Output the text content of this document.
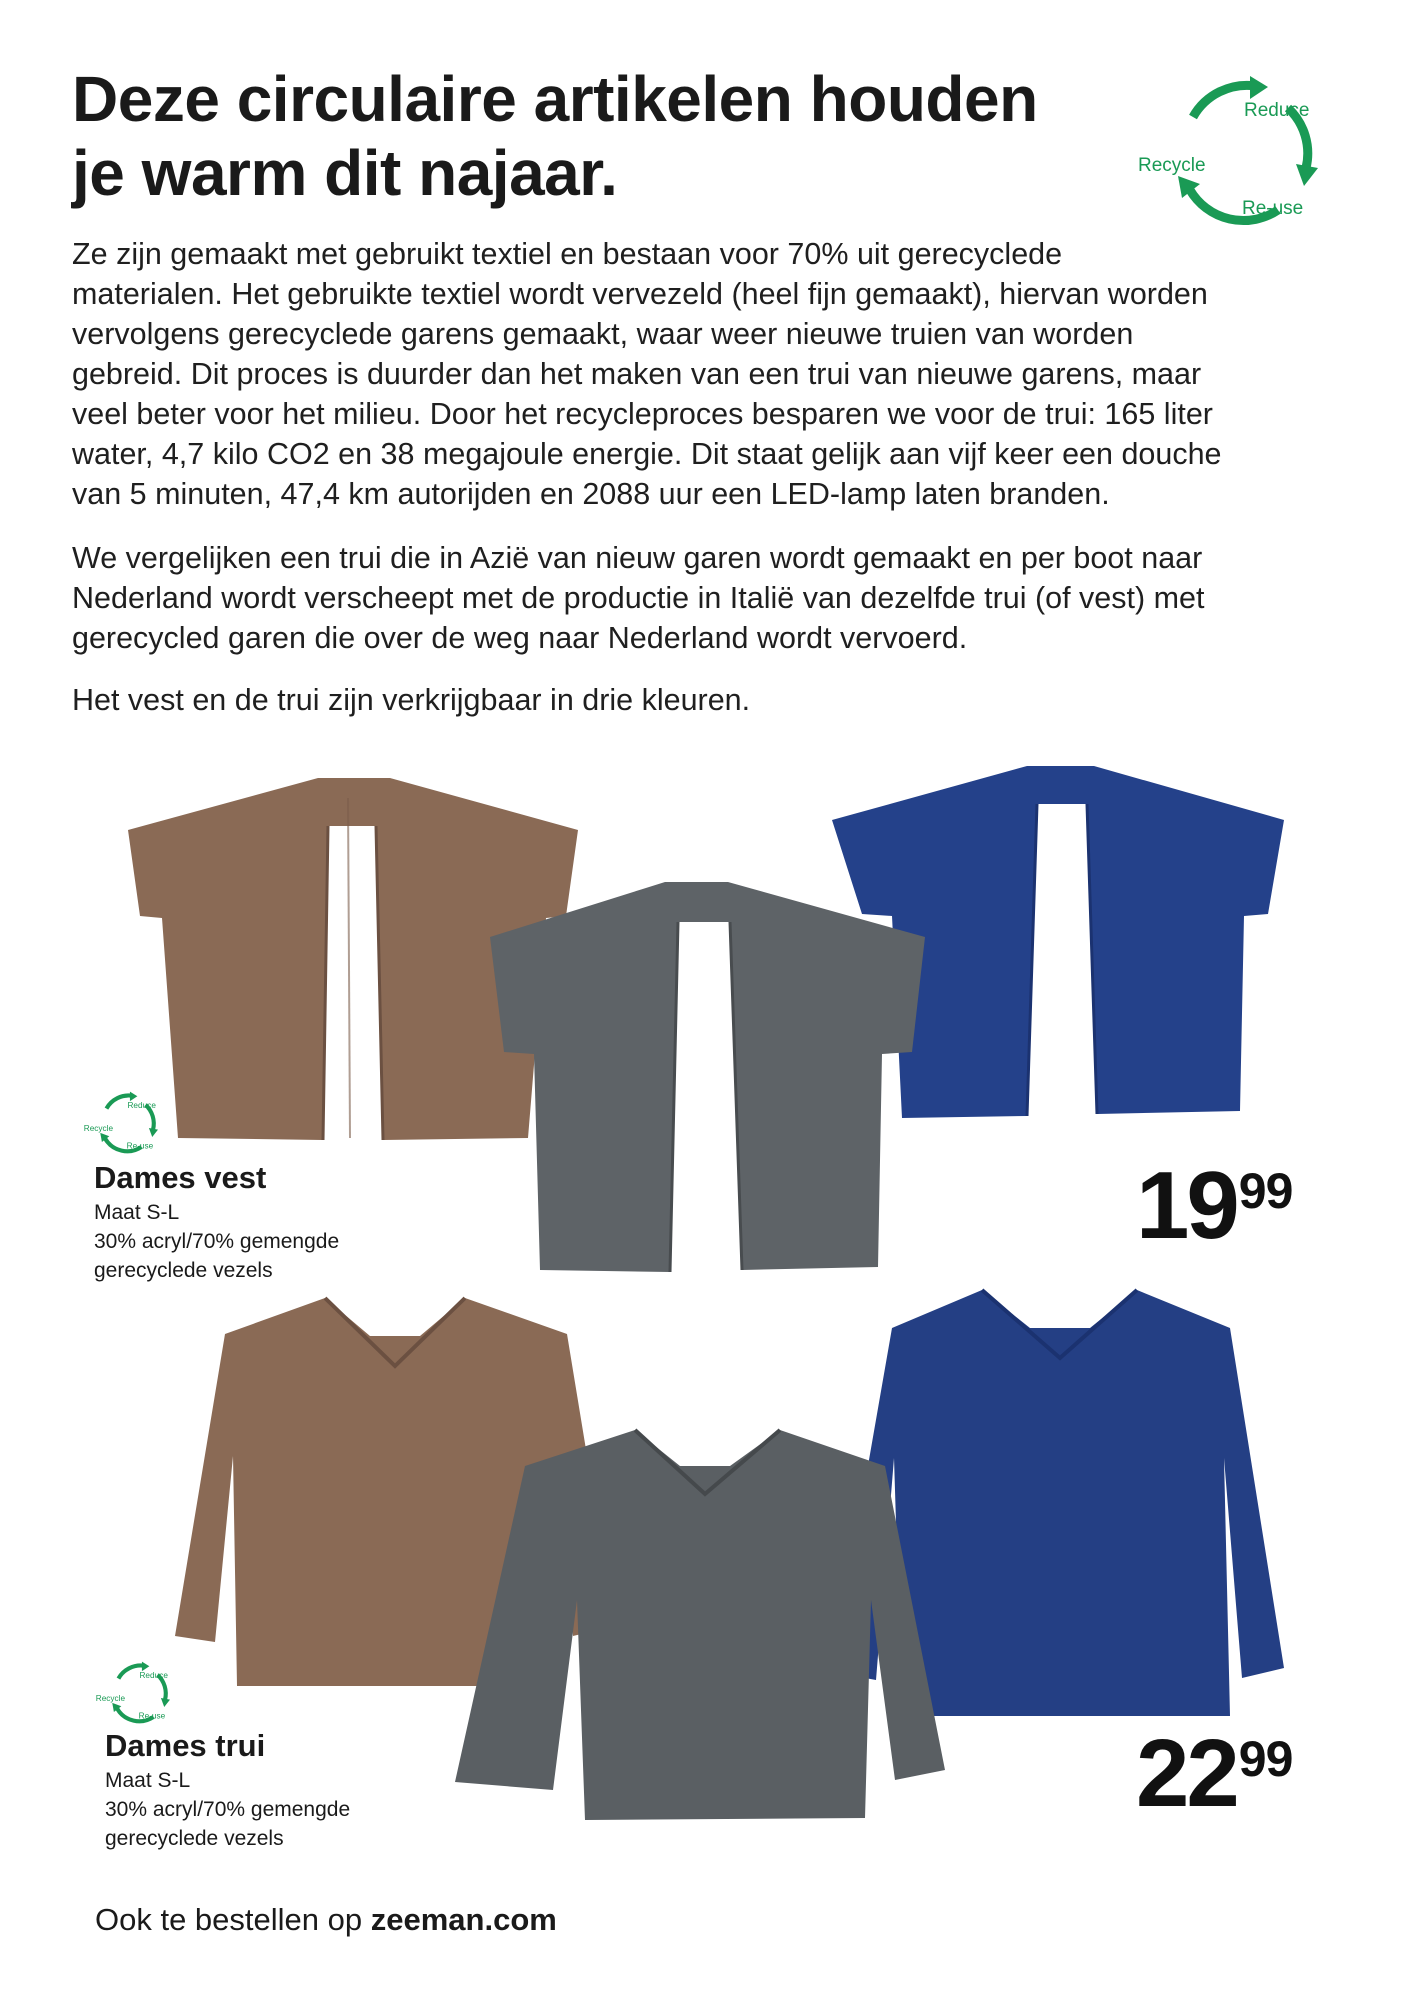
Deze circulaire artikelen houden
je warm dit najaar.
Reduce
Recycle
Re-use
Ze zijn gemaakt met gebruikt textiel en bestaan voor 70% uit gerecyclede
materialen. Het gebruikte textiel wordt vervezeld (heel fijn gemaakt), hiervan worden
vervolgens gerecyclede garens gemaakt, waar weer nieuwe truien van worden
gebreid. Dit proces is duurder dan het maken van een trui van nieuwe garens, maar
veel beter voor het milieu. Door het recycleproces besparen we voor de trui: 165 liter
water, 4,7 kilo CO2 en 38 megajoule energie. Dit staat gelijk aan vijf keer een douche
van 5 minuten, 47,4 km autorijden en 2088 uur een LED-lamp laten branden.
We vergelijken een trui die in Azië van nieuw garen wordt gemaakt en per boot naar
Nederland wordt verscheept met de productie in Italië van dezelfde trui (of vest) met
gerecycled garen die over de weg naar Nederland wordt vervoerd.
Het vest en de trui zijn verkrijgbaar in drie kleuren.
Reduce
Recycle
Re-use
Dames vest
Maat S-L
30% acryl/70% gemengde
gerecyclede vezels
1999
Reduce
Recycle
Re-use
Dames trui
Maat S-L
30% acryl/70% gemengde
gerecyclede vezels
2299
Ook te bestellen op zeeman.com
